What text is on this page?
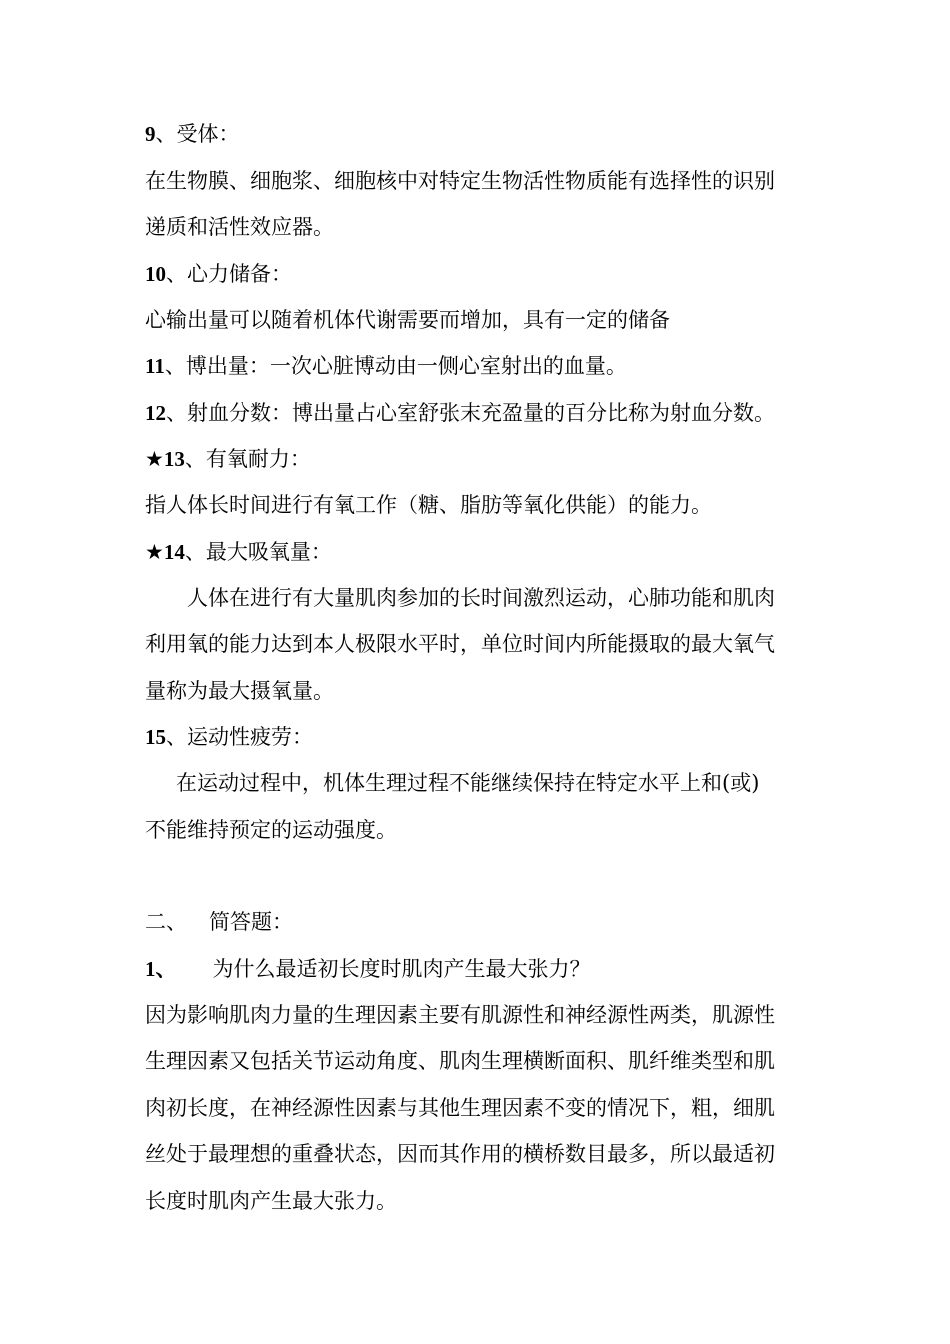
9、受体：
在生物膜、细胞浆、细胞核中对特定生物活性物质能有选择性的识别
递质和活性效应器。
10、心力储备：
心输出量可以随着机体代谢需要而增加，具有一定的储备
11、博出量：一次心脏博动由一侧心室射出的血量。
12、射血分数：博出量占心室舒张末充盈量的百分比称为射血分数。
★13、有氧耐力：
指人体长时间进行有氧工作（糖、脂肪等氧化供能）的能力。
★14、最大吸氧量：
人体在进行有大量肌肉参加的长时间激烈运动，心肺功能和肌肉
利用氧的能力达到本人极限水平时，单位时间内所能摄取的最大氧气
量称为最大摄氧量。
15、运动性疲劳：
在运动过程中，机体生理过程不能继续保持在特定水平上和(或)
不能维持预定的运动强度。
二、 简答题：
1、 为什么最适初长度时肌肉产生最大张力？
因为影响肌肉力量的生理因素主要有肌源性和神经源性两类，肌源性
生理因素又包括关节运动角度、肌肉生理横断面积、肌纤维类型和肌
肉初长度，在神经源性因素与其他生理因素不变的情况下，粗，细肌
丝处于最理想的重叠状态，因而其作用的横桥数目最多，所以最适初
长度时肌肉产生最大张力。
